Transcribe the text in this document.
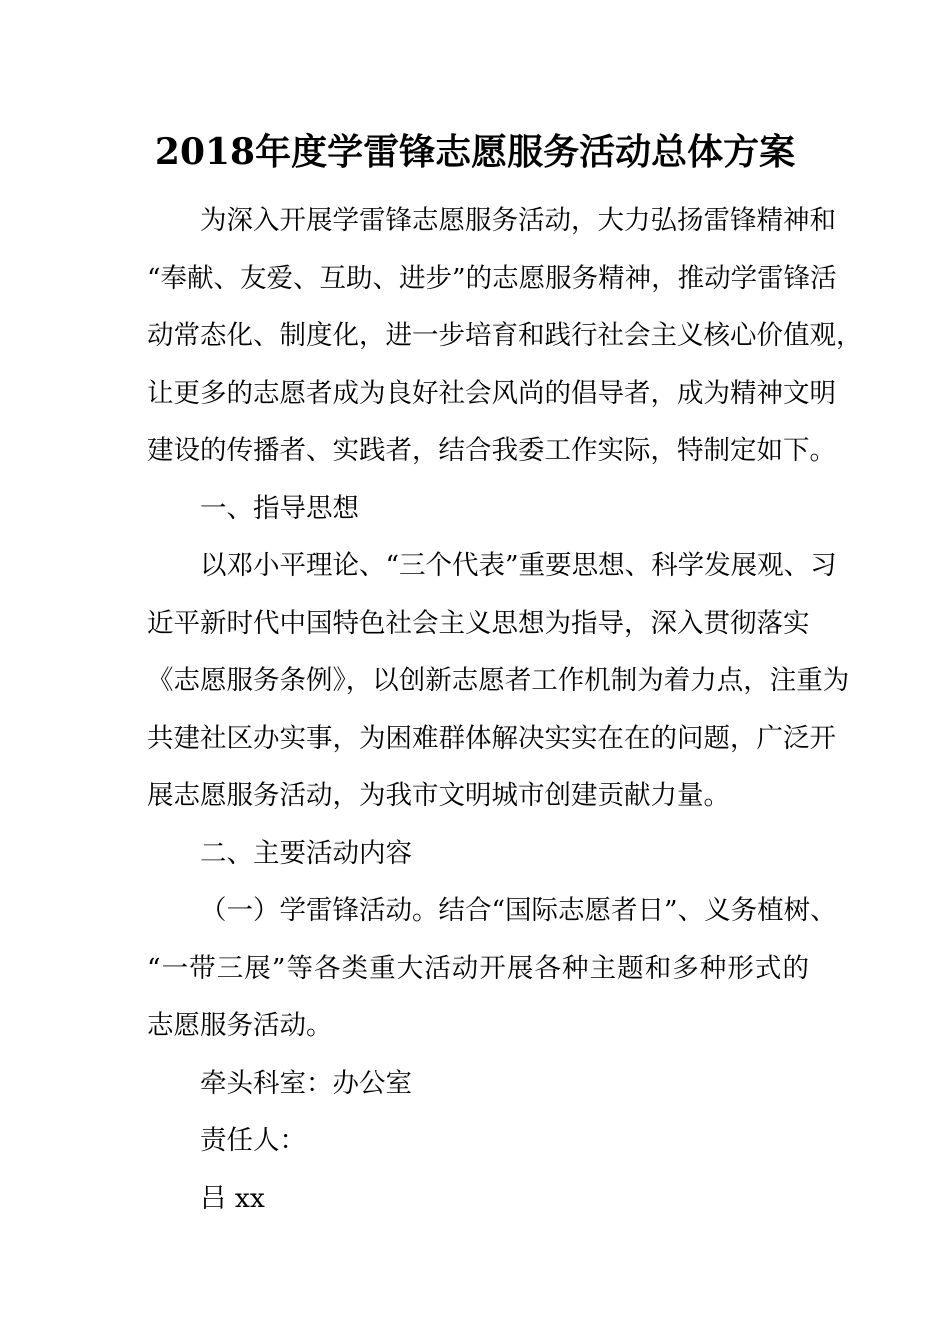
2018年度学雷锋志愿服务活动总体方案
为深入开展学雷锋志愿服务活动，大力弘扬雷锋精神和
“奉献、友爱、互助、进步”的志愿服务精神，推动学雷锋活
动常态化、制度化，进一步培育和践行社会主义核心价值观，
让更多的志愿者成为良好社会风尚的倡导者，成为精神文明
建设的传播者、实践者，结合我委工作实际，特制定如下。
一、指导思想
以邓小平理论、“三个代表”重要思想、科学发展观、习
近平新时代中国特色社会主义思想为指导，深入贯彻落实
《志愿服务条例》，以创新志愿者工作机制为着力点，注重为
共建社区办实事，为困难群体解决实实在在的问题，广泛开
展志愿服务活动，为我市文明城市创建贡献力量。
二、主要活动内容
（一）学雷锋活动。结合“国际志愿者日”、义务植树、
“一带三展”等各类重大活动开展各种主题和多种形式的
志愿服务活动。
牵头科室：办公室
责任人：
吕 xx
